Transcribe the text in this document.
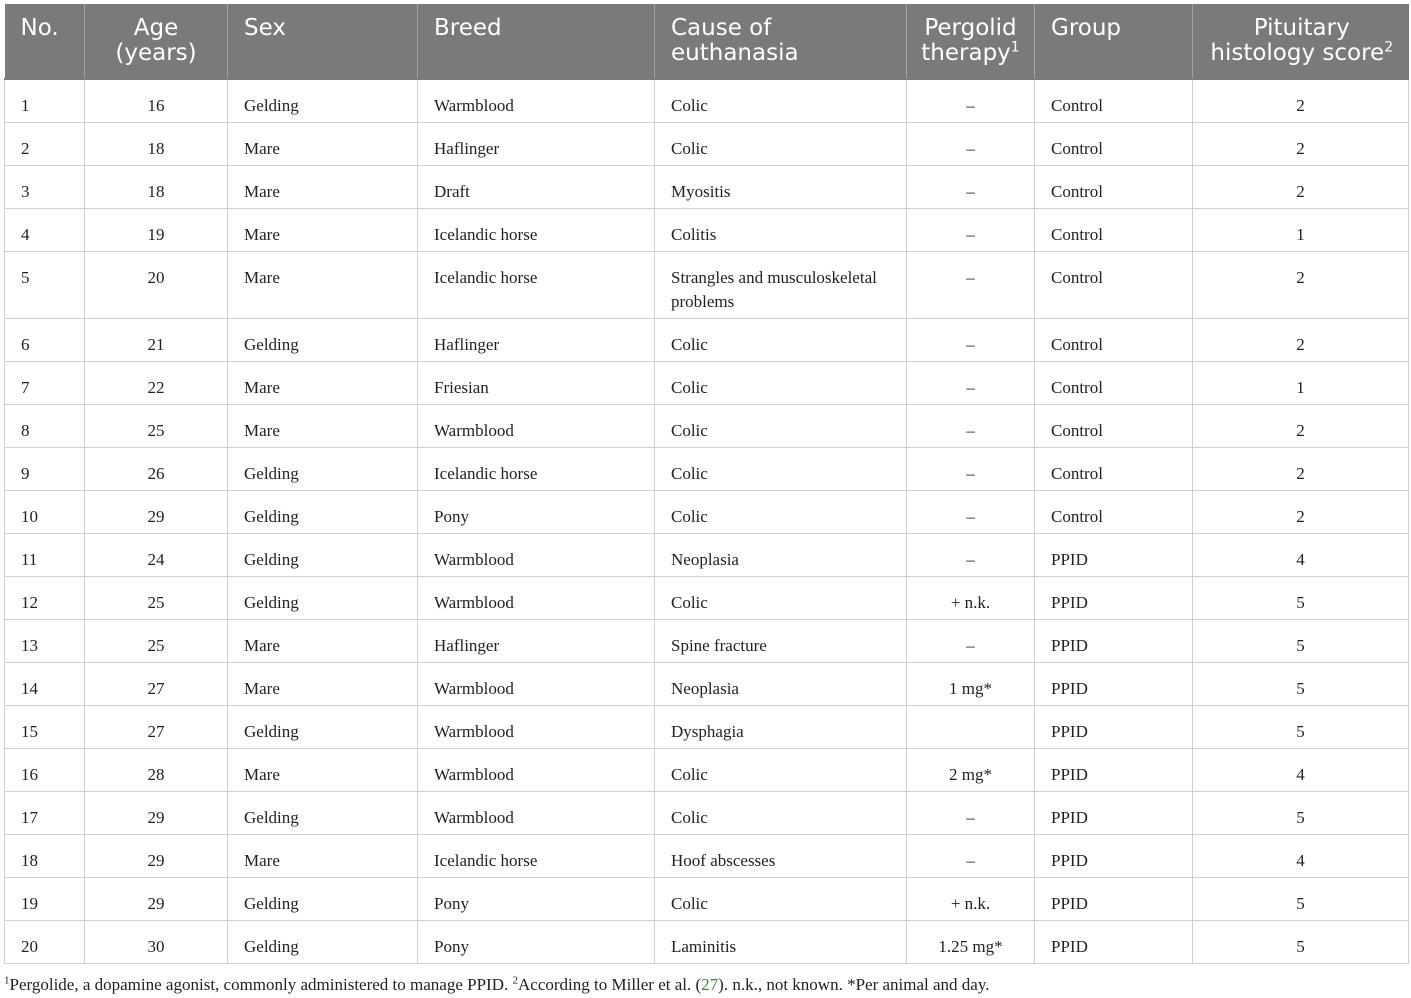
No.	Age (years)	Sex	Breed	Cause of euthanasia	Pergolid therapy$^1$	Group	Pituitary histology score$^2$
1	16	Gelding	Warmblood	Colic	–	Control	2
2	18	Mare	Haflinger	Colic	–	Control	2
3	18	Mare	Draft	Myositis	–	Control	2
4	19	Mare	Icelandic horse	Colitis	–	Control	1
5	20	Mare	Icelandic horse	Strangles and musculoskeletal problems	–	Control	2
6	21	Gelding	Haflinger	Colic	–	Control	2
7	22	Mare	Friesian	Colic	–	Control	1
8	25	Mare	Warmblood	Colic	–	Control	2
9	26	Gelding	Icelandic horse	Colic	–	Control	2
10	29	Gelding	Pony	Colic	–	Control	2
11	24	Gelding	Warmblood	Neoplasia	–	PPID	4
12	25	Gelding	Warmblood	Colic	+ n.k.	PPID	5
13	25	Mare	Haflinger	Spine fracture	–	PPID	5
14	27	Mare	Warmblood	Neoplasia	1 mg*	PPID	5
15	27	Gelding	Warmblood	Dysphagia		PPID	5
16	28	Mare	Warmblood	Colic	2 mg*	PPID	4
17	29	Gelding	Warmblood	Colic	–	PPID	5
18	29	Mare	Icelandic horse	Hoof abscesses	–	PPID	4
19	29	Gelding	Pony	Colic	+ n.k.	PPID	5
20	30	Gelding	Pony	Laminitis	1.25 mg*	PPID	5
$^1$Pergolide, a dopamine agonist, commonly administered to manage PPID. $^2$According to Miller et al. (27). n.k., not known. *Per animal and day.
